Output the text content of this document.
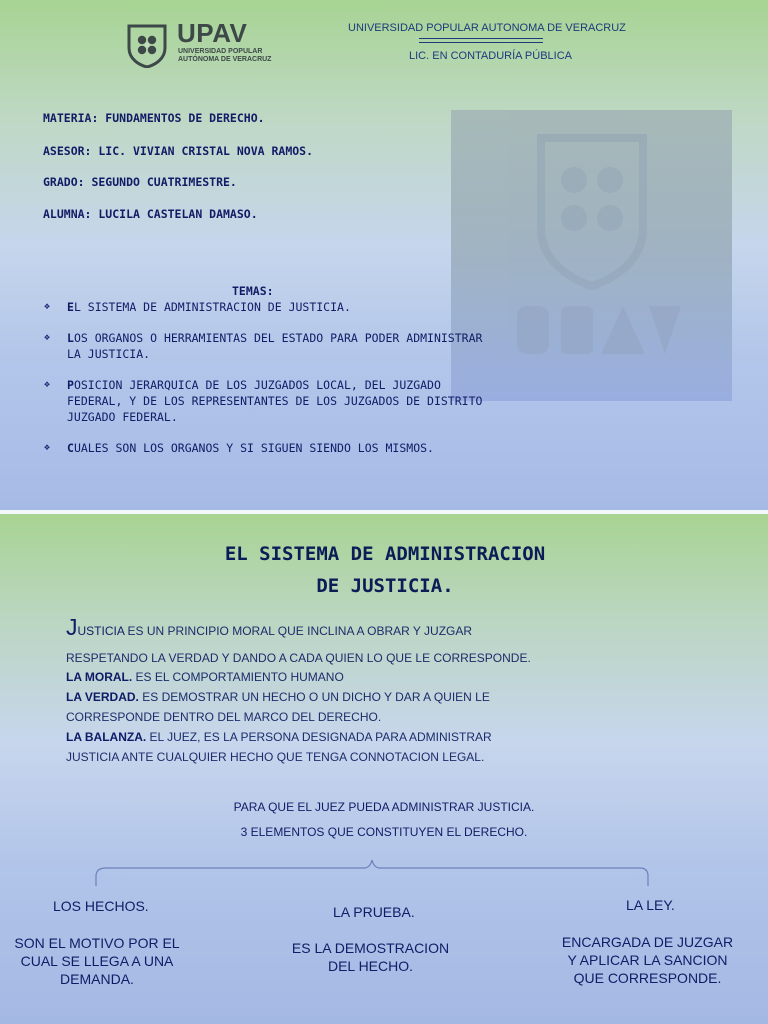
UPAV
UNIVERSIDAD POPULAR
AUTÓNOMA DE VERACRUZ
UNIVERSIDAD POPULAR AUTONOMA DE VERACRUZ
LIC. EN CONTADURÍA PÚBLICA
MATERIA: FUNDAMENTOS DE DERECHO.
ASESOR: LIC. VIVIAN CRISTAL NOVA RAMOS.
GRADO: SEGUNDO CUATRIMESTRE.
ALUMNA: LUCILA CASTELAN DAMASO.
TEMAS:
❖ EL SISTEMA DE ADMINISTRACION DE JUSTICIA.
❖ LOS ORGANOS O HERRAMIENTAS DEL ESTADO PARA PODER ADMINISTRAR LA JUSTICIA.
❖ POSICION JERARQUICA DE LOS JUZGADOS LOCAL, DEL JUZGADO FEDERAL, Y DE LOS REPRESENTANTES DE LOS JUZGADOS DE DISTRITO JUZGADO FEDERAL.
❖ CUALES SON LOS ORGANOS Y SI SIGUEN SIENDO LOS MISMOS.
EL SISTEMA DE ADMINISTRACION
DE JUSTICIA.
JUSTICIA ES UN PRINCIPIO MORAL QUE INCLINA A OBRAR Y JUZGAR
RESPETANDO LA VERDAD Y DANDO A CADA QUIEN LO QUE LE CORRESPONDE.
LA MORAL. ES EL COMPORTAMIENTO HUMANO
LA VERDAD. ES DEMOSTRAR UN HECHO O UN DICHO Y DAR A QUIEN LE
CORRESPONDE DENTRO DEL MARCO DEL DERECHO.
LA BALANZA. EL JUEZ, ES LA PERSONA DESIGNADA PARA ADMINISTRAR
JUSTICIA ANTE CUALQUIER HECHO QUE TENGA CONNOTACION LEGAL.
PARA QUE EL JUEZ PUEDA ADMINISTRAR JUSTICIA.
3 ELEMENTOS QUE CONSTITUYEN EL DERECHO.
LOS HECHOS.	LA PRUEBA.	LA LEY.
SON EL MOTIVO POR EL CUAL SE LLEGA A UNA DEMANDA.
ES LA DEMOSTRACION DEL HECHO.
ENCARGADA DE JUZGAR Y APLICAR LA SANCION QUE CORRESPONDE.
